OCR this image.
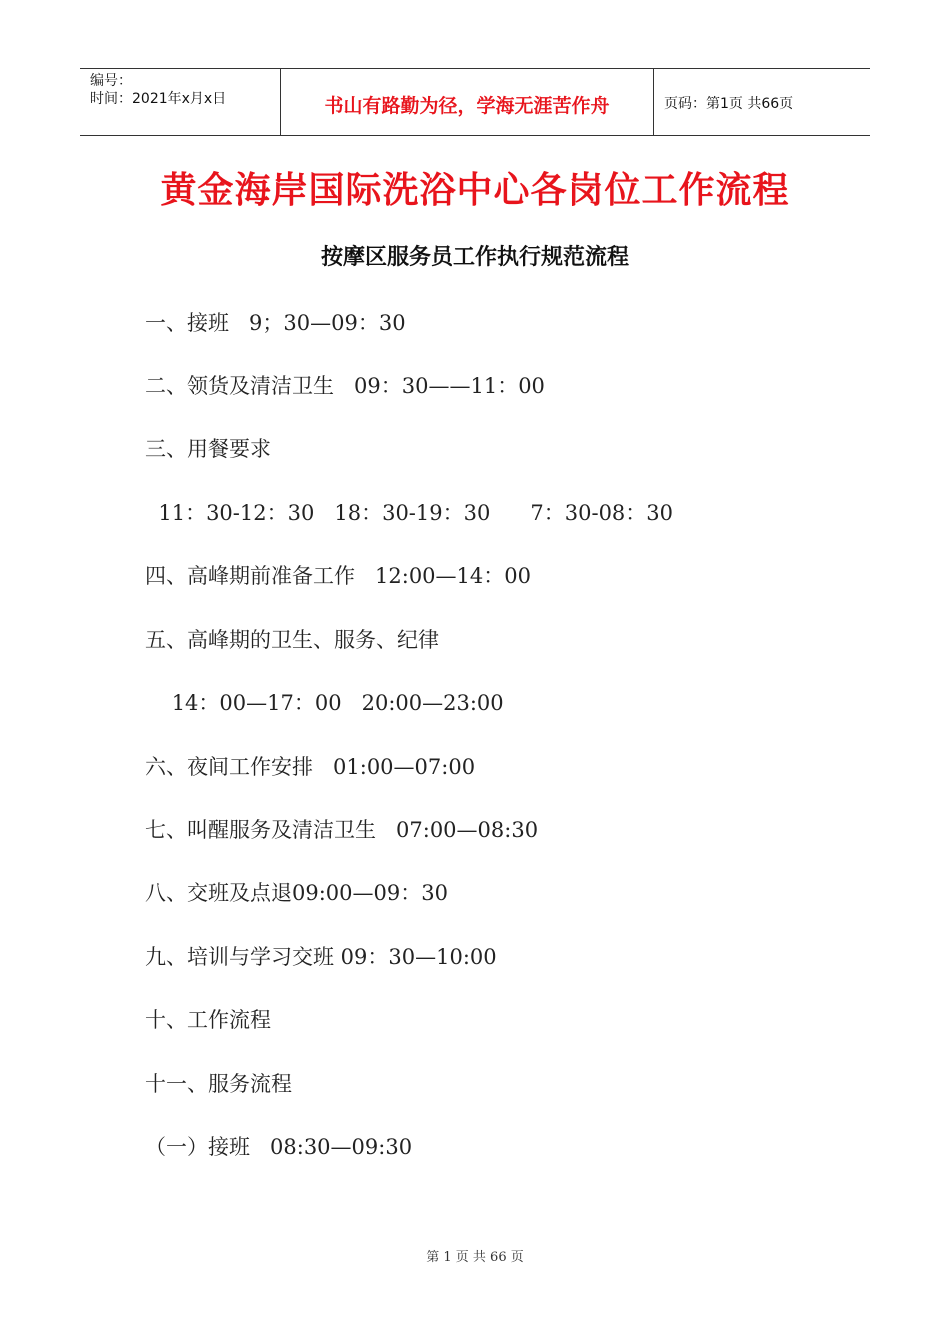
编号：
时间：2021年x月x日	书山有路勤为径，学海无涯苦作舟	页码：第1页 共66页
黄金海岸国际洗浴中心各岗位工作流程
按摩区服务员工作执行规范流程
一、接班   9；30—09：30
二、领货及清洁卫生   09：30——11：00
三、用餐要求
11：30-12：30   18：30-19：30      7：30-08：30
四、高峰期前准备工作   12:00—14：00
五、高峰期的卫生、服务、纪律
14：00—17：00   20:00—23:00
六、夜间工作安排   01:00—07:00
七、叫醒服务及清洁卫生   07:00—08:30
八、交班及点退09:00—09：30
九、培训与学习交班 09：30—10:00
十、工作流程
十一、服务流程
（一）接班   08:30—09:30
第 1 页 共 66 页
